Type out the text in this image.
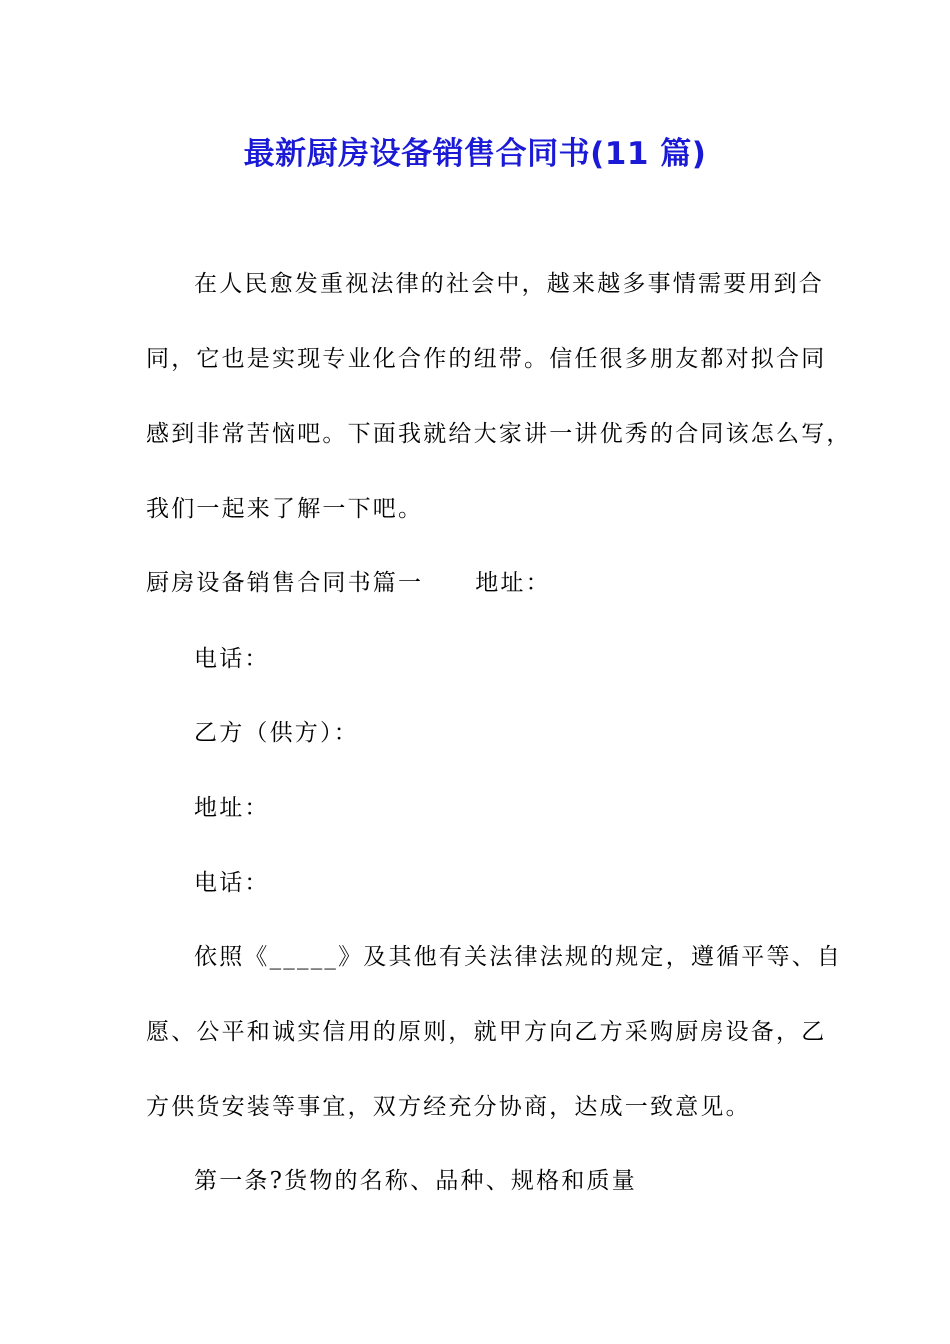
最新厨房设备销售合同书(11 篇)
在人民愈发重视法律的社会中，越来越多事情需要用到合
同，它也是实现专业化合作的纽带。信任很多朋友都对拟合同
感到非常苦恼吧。下面我就给大家讲一讲优秀的合同该怎么写，
我们一起来了解一下吧。
厨房设备销售合同书篇一 地址：
电话：
乙方（供方）：
地址：
电话：
依照《_____》及其他有关法律法规的规定，遵循平等、自
愿、公平和诚实信用的原则，就甲方向乙方采购厨房设备，乙
方供货安装等事宜，双方经充分协商，达成一致意见。
第一条?货物的名称、品种、规格和质量
